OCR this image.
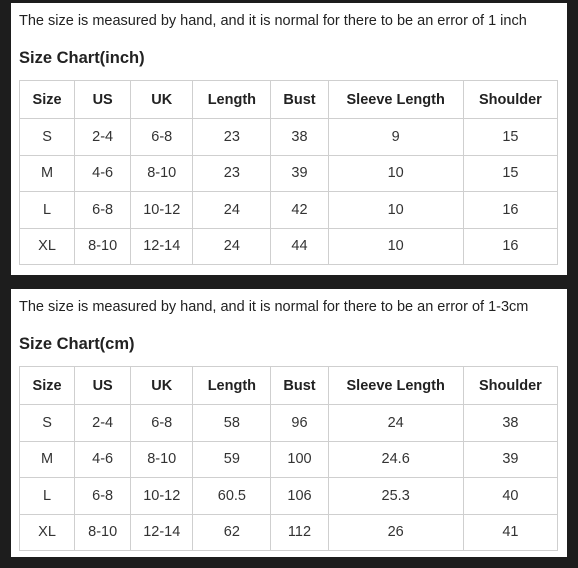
The size is measured by hand, and it is normal for there to be an error of 1 inch
Size Chart(inch)
Size	US	UK	Length	Bust	Sleeve Length	Shoulder
S	2-4	6-8	23	38	9	15
M	4-6	8-10	23	39	10	15
L	6-8	10-12	24	42	10	16
XL	8-10	12-14	24	44	10	16
The size is measured by hand, and it is normal for there to be an error of 1-3cm
Size Chart(cm)
Size	US	UK	Length	Bust	Sleeve Length	Shoulder
S	2-4	6-8	58	96	24	38
M	4-6	8-10	59	100	24.6	39
L	6-8	10-12	60.5	106	25.3	40
XL	8-10	12-14	62	112	26	41
